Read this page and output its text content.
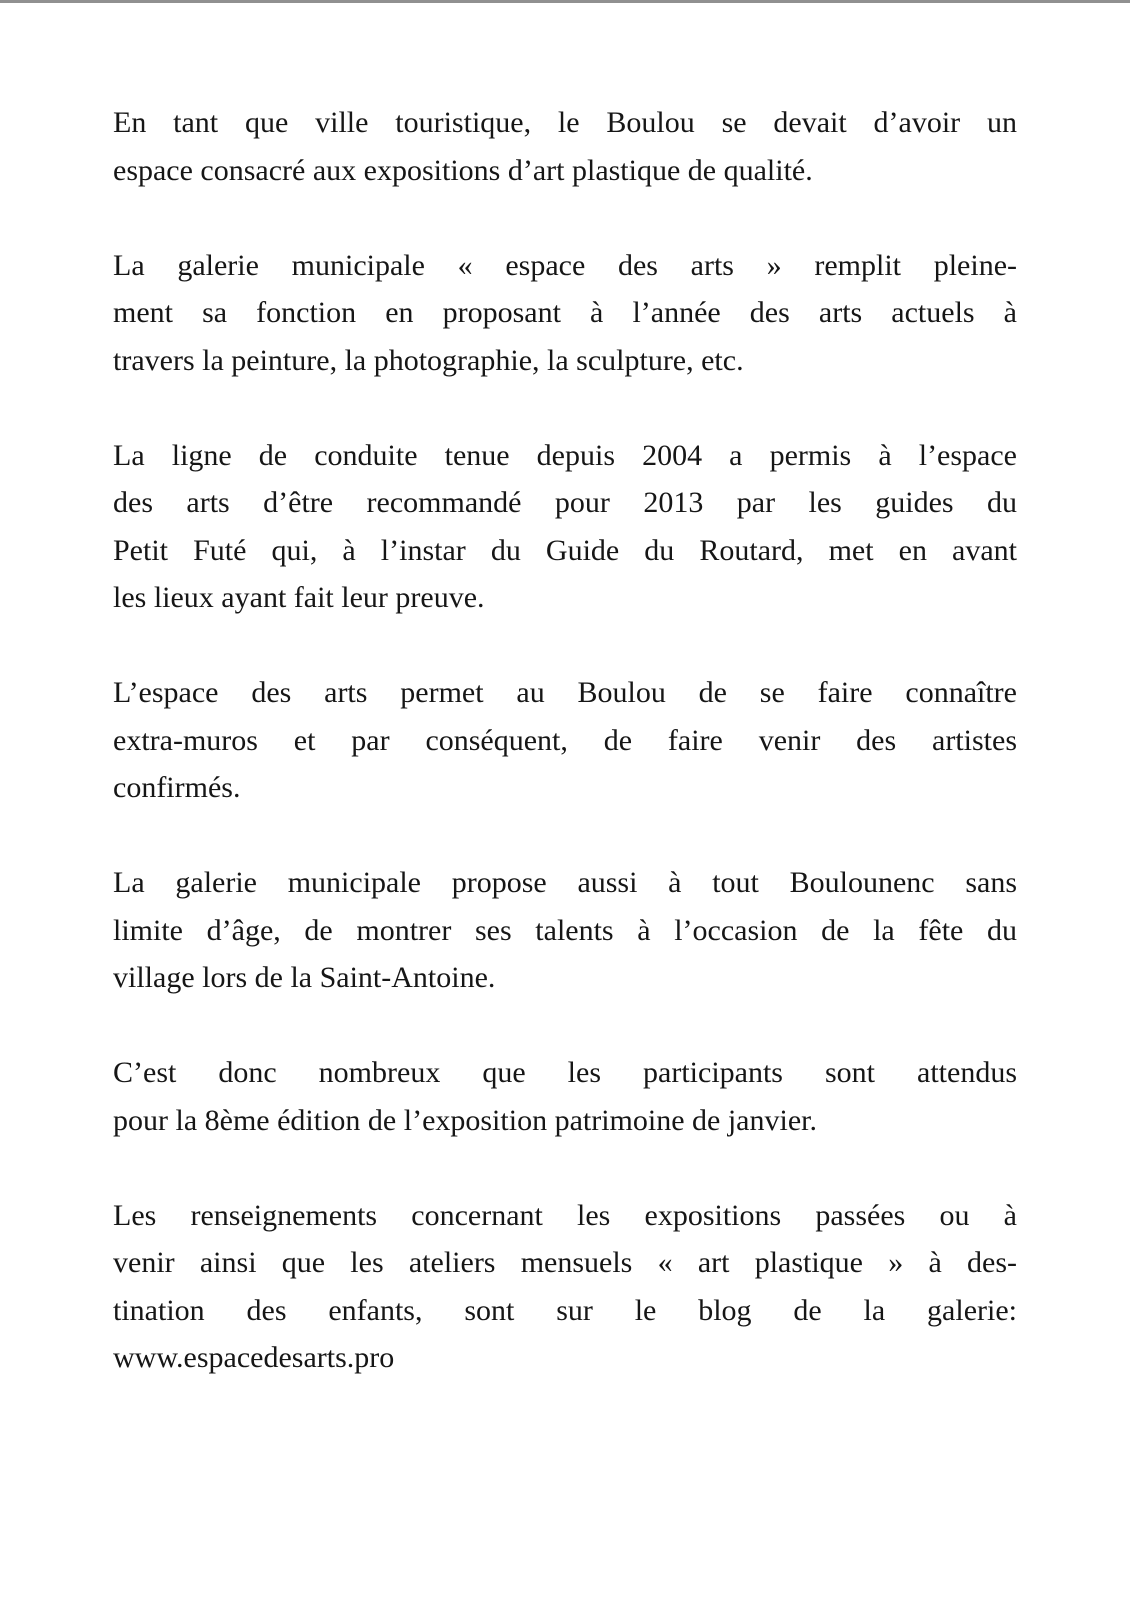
En tant que ville touristique, le Boulou se devait d’avoir un
espace consacré aux expositions d’art plastique de qualité.
La galerie municipale « espace des arts » remplit pleine-
ment sa fonction en proposant à l’année des arts actuels à
travers la peinture, la photographie, la sculpture, etc.
La ligne de conduite tenue depuis 2004 a permis à l’espace
des arts d’être recommandé pour 2013 par les guides du
Petit Futé qui, à l’instar du Guide du Routard, met en avant
les lieux ayant fait leur preuve.
L’espace des arts permet au Boulou de se faire connaître
extra-muros et par conséquent, de faire venir des artistes
confirmés.
La galerie municipale propose aussi à tout Boulounenc sans
limite d’âge, de montrer ses talents à l’occasion de la fête du
village lors de la Saint-Antoine.
C’est donc nombreux que les participants sont attendus
pour la 8ème édition de l’exposition patrimoine de janvier.
Les renseignements concernant les expositions passées ou à
venir ainsi que les ateliers mensuels « art plastique » à des-
tination des enfants, sont sur le blog de la galerie:
www.espacedesarts.pro
